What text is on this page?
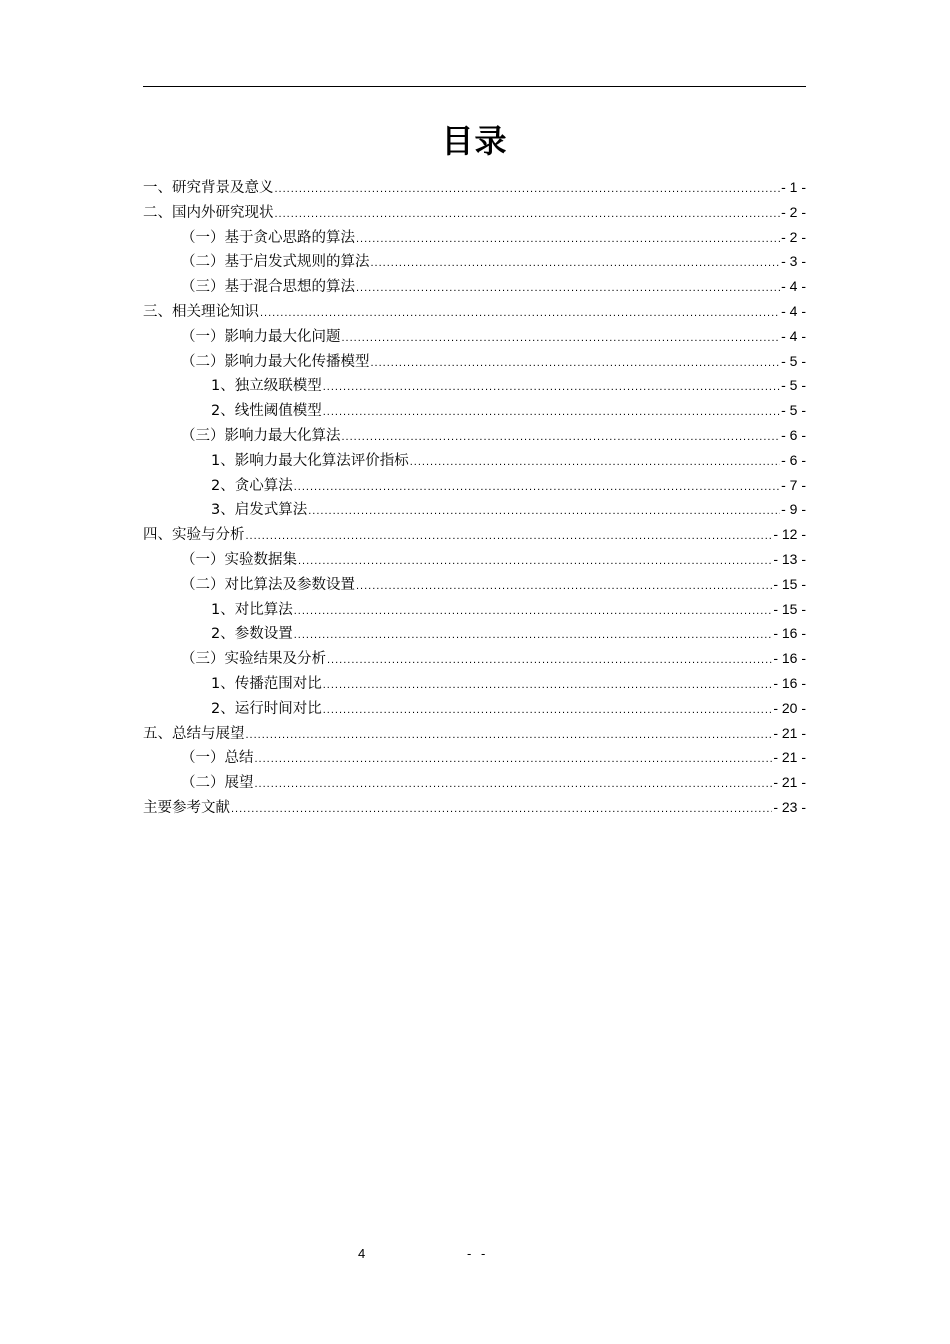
目录
一、研究背景及意义 .....	- 1 -
二、国内外研究现状 .....	- 2 -
（一）基于贪心思路的算法 .....	- 2 -
（二）基于启发式规则的算法 .....	- 3 -
（三）基于混合思想的算法 .....	- 4 -
三、相关理论知识 .....	- 4 -
（一）影响力最大化问题 .....	- 4 -
（二）影响力最大化传播模型 .....	- 5 -
1、独立级联模型 .....	- 5 -
2、线性阈值模型 .....	- 5 -
（三）影响力最大化算法 .....	- 6 -
1、影响力最大化算法评价指标 .....	- 6 -
2、贪心算法 .....	- 7 -
3、启发式算法 .....	- 9 -
四、实验与分析 .....	- 12 -
（一）实验数据集 .....	- 13 -
（二）对比算法及参数设置 .....	- 15 -
1、对比算法 .....	- 15 -
2、参数设置 .....	- 16 -
（三）实验结果及分析 .....	- 16 -
1、传播范围对比 .....	- 16 -
2、运行时间对比 .....	- 20 -
五、总结与展望 .....	- 21 -
（一）总结 .....	- 21 -
（二）展望 .....	- 21 -
主要参考文献 .....	- 23 -
4	- -
